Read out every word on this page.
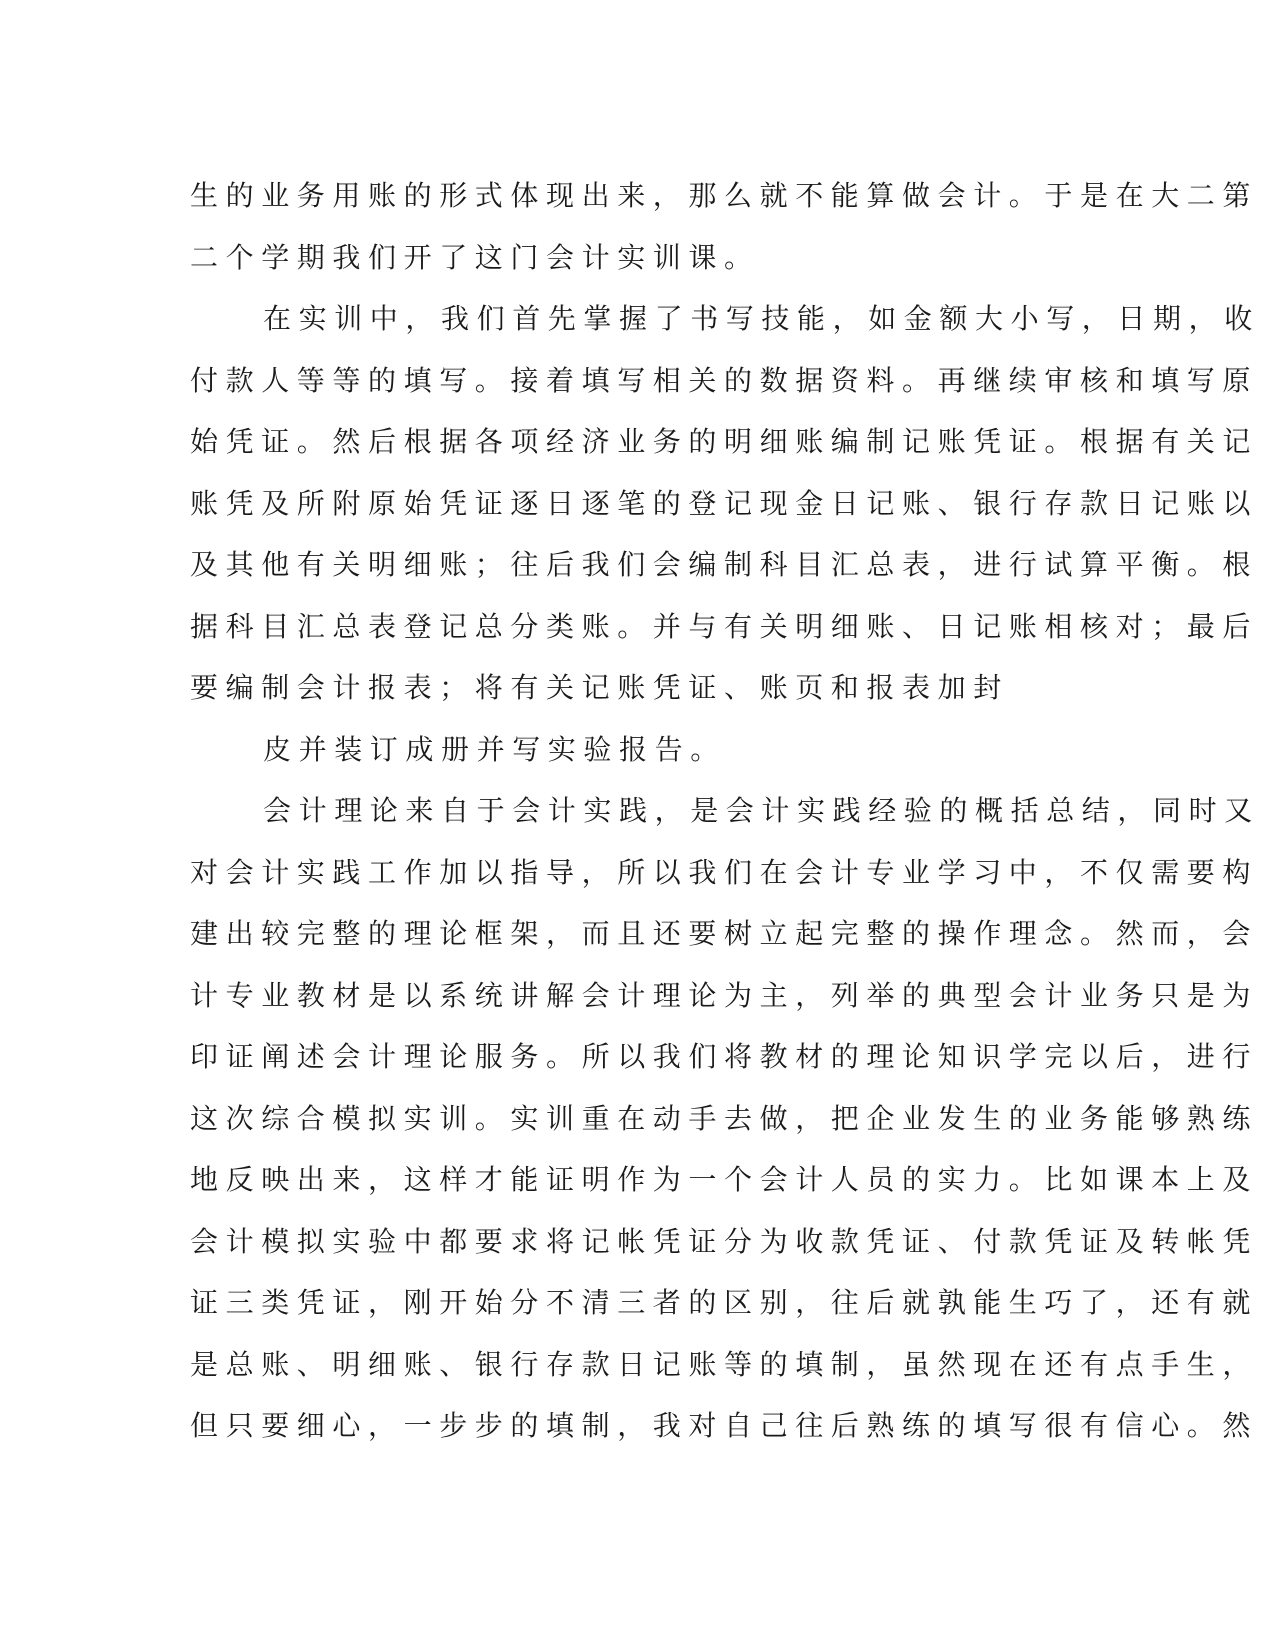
生的业务用账的形式体现出来，那么就不能算做会计。于是在大二第
二个学期我们开了这门会计实训课。
在实训中，我们首先掌握了书写技能，如金额大小写，日期，收
付款人等等的填写。接着填写相关的数据资料。再继续审核和填写原
始凭证。然后根据各项经济业务的明细账编制记账凭证。根据有关记
账凭及所附原始凭证逐日逐笔的登记现金日记账、银行存款日记账以
及其他有关明细账；往后我们会编制科目汇总表，进行试算平衡。根
据科目汇总表登记总分类账。并与有关明细账、日记账相核对；最后
要编制会计报表；将有关记账凭证、账页和报表加封
皮并装订成册并写实验报告。
会计理论来自于会计实践，是会计实践经验的概括总结，同时又
对会计实践工作加以指导，所以我们在会计专业学习中，不仅需要构
建出较完整的理论框架，而且还要树立起完整的操作理念。然而，会
计专业教材是以系统讲解会计理论为主，列举的典型会计业务只是为
印证阐述会计理论服务。所以我们将教材的理论知识学完以后，进行
这次综合模拟实训。实训重在动手去做，把企业发生的业务能够熟练
地反映出来，这样才能证明作为一个会计人员的实力。比如课本上及
会计模拟实验中都要求将记帐凭证分为收款凭证、付款凭证及转帐凭
证三类凭证，刚开始分不清三者的区别，往后就孰能生巧了，还有就
是总账、明细账、银行存款日记账等的填制，虽然现在还有点手生，
但只要细心，一步步的填制，我对自己往后熟练的填写很有信心。然
